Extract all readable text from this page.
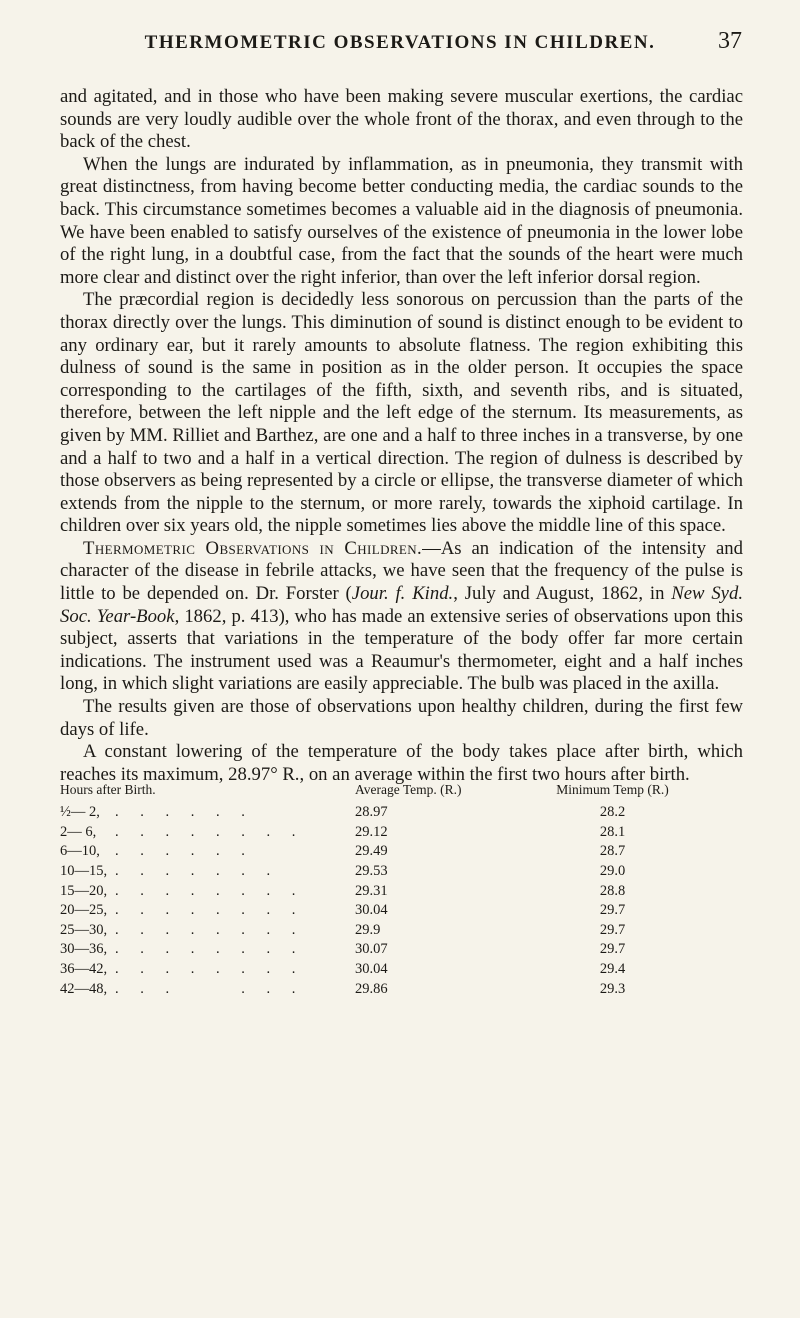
THERMOMETRIC OBSERVATIONS IN CHILDREN.	37

and agitated, and in those who have been making severe muscular exertions, the cardiac sounds are very loudly audible over the whole front of the thorax, and even through to the back of the chest.

When the lungs are indurated by inflammation, as in pneumonia, they transmit with great distinctness, from having become better conducting media, the cardiac sounds to the back. This circumstance sometimes becomes a valuable aid in the diagnosis of pneumonia. We have been enabled to satisfy ourselves of the existence of pneumonia in the lower lobe of the right lung, in a doubtful case, from the fact that the sounds of the heart were much more clear and distinct over the right inferior, than over the left inferior dorsal region.

The præcordial region is decidedly less sonorous on percussion than the parts of the thorax directly over the lungs. This diminution of sound is distinct enough to be evident to any ordinary ear, but it rarely amounts to absolute flatness. The region exhibiting this dulness of sound is the same in position as in the older person. It occupies the space corresponding to the cartilages of the fifth, sixth, and seventh ribs, and is situated, therefore, between the left nipple and the left edge of the sternum. Its measurements, as given by MM. Rilliet and Barthez, are one and a half to three inches in a transverse, by one and a half to two and a half in a vertical direction. The region of dulness is described by those observers as being represented by a circle or ellipse, the transverse diameter of which extends from the nipple to the sternum, or more rarely, towards the xiphoid cartilage. In children over six years old, the nipple sometimes lies above the middle line of this space.

Thermometric Observations in Children.—As an indication of the intensity and character of the disease in febrile attacks, we have seen that the frequency of the pulse is little to be depended on. Dr. Forster (Jour. f. Kind., July and August, 1862, in New Syd. Soc. Year-Book, 1862, p. 413), who has made an extensive series of observations upon this subject, asserts that variations in the temperature of the body offer far more certain indications. The instrument used was a Reaumur's thermometer, eight and a half inches long, in which slight variations are easily appreciable. The bulb was placed in the axilla.

The results given are those of observations upon healthy children, during the first few days of life.

A constant lowering of the temperature of the body takes place after birth, which reaches its maximum, 28.97° R., on an average within the first two hours after birth.

Hours after Birth.		Average Temp. (R.)	Minimum Temp (R.)
½— 2,	. . . . . .	28.97	28.2
2— 6,	. . . . . . . .	29.12	28.1
6—10,	. . . . . .	29.49	28.7
10—15,	. . . . . . .	29.53	29.0
15—20,	. . . . . . . .	29.31	28.8
20—25,	. . . . . . . .	30.04	29.7
25—30,	. . . . . . . .	29.9	29.7
30—36,	. . . . . . . .	30.07	29.7
36—42,	. . . . . . . .	30.04	29.4
42—48,	. . .     . . .	29.86	29.3
